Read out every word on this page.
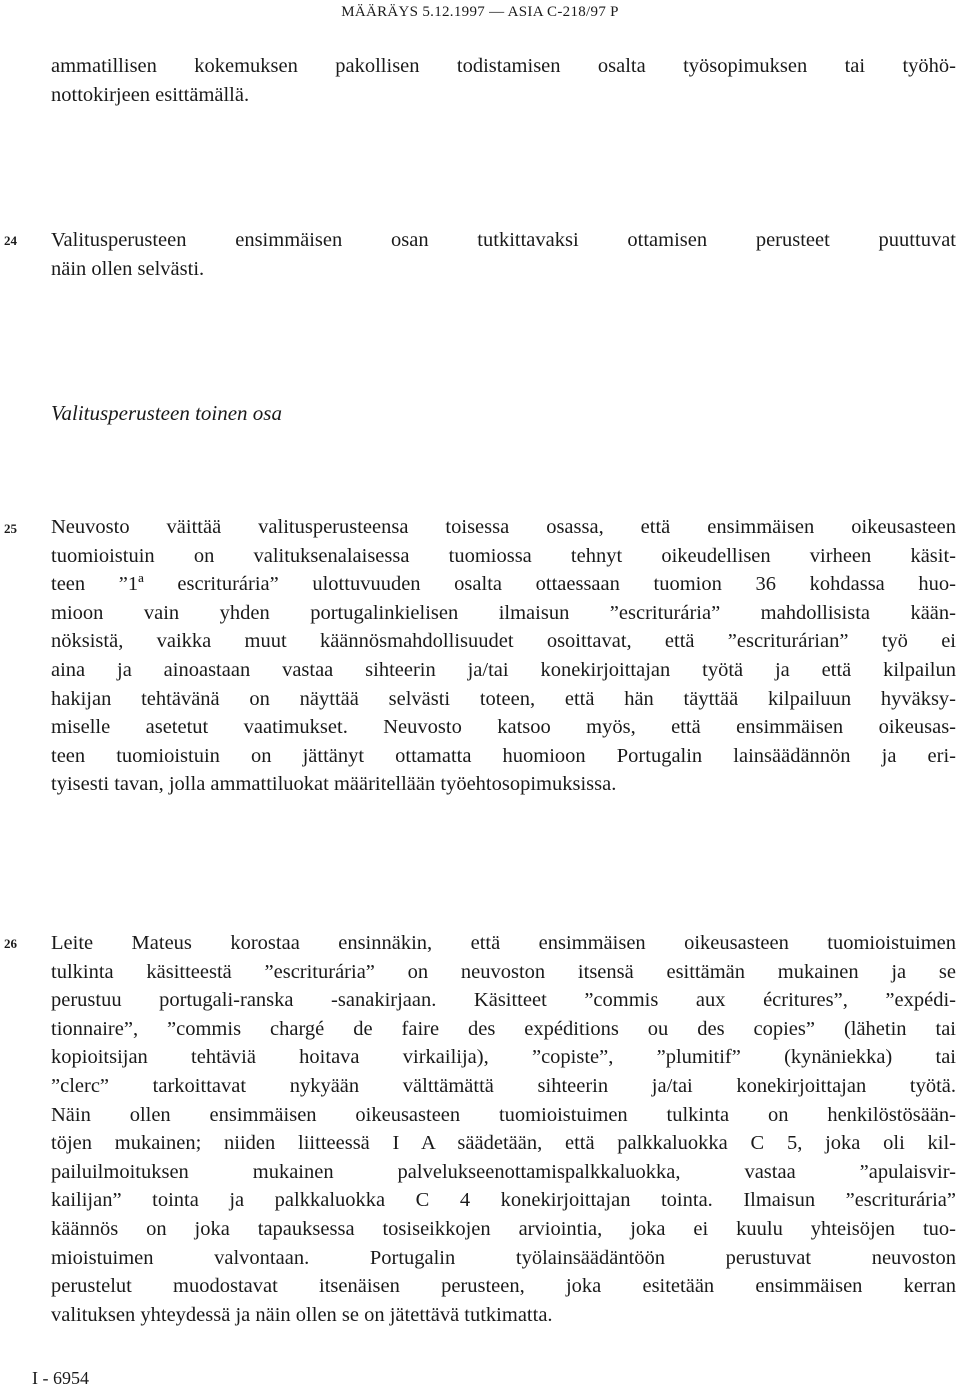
MÄÄRÄYS 5.12.1997 — ASIA C-218/97 P
ammatillisen kokemuksen pakollisen todistamisen osalta työsopimuksen tai työhö-
nottokirjeen esittämällä.
24 Valitusperusteen ensimmäisen osan tutkittavaksi ottamisen perusteet puuttuvat
näin ollen selvästi.
Valitusperusteen toinen osa
25 Neuvosto väittää valitusperusteensa toisessa osassa, että ensimmäisen oikeusasteen
tuomioistuin on valituksenalaisessa tuomiossa tehnyt oikeudellisen virheen käsit-
teen ”1ª escriturária” ulottuvuuden osalta ottaessaan tuomion 36 kohdassa huo-
mioon vain yhden portugalinkielisen ilmaisun ”escriturária” mahdollisista kään-
nöksistä, vaikka muut käännösmahdollisuudet osoittavat, että ”escriturárian” työ ei
aina ja ainoastaan vastaa sihteerin ja/tai konekirjoittajan työtä ja että kilpailun
hakijan tehtävänä on näyttää selvästi toteen, että hän täyttää kilpailuun hyväksy-
miselle asetetut vaatimukset. Neuvosto katsoo myös, että ensimmäisen oikeusas-
teen tuomioistuin on jättänyt ottamatta huomioon Portugalin lainsäädännön ja eri-
tyisesti tavan, jolla ammattiluokat määritellään työehtosopimuksissa.
26 Leite Mateus korostaa ensinnäkin, että ensimmäisen oikeusasteen tuomioistuimen
tulkinta käsitteestä ”escriturária” on neuvoston itsensä esittämän mukainen ja se
perustuu portugali-ranska -sanakirjaan. Käsitteet ”commis aux écritures”, ”expédi-
tionnaire”, ”commis chargé de faire des expéditions ou des copies” (lähetin tai
kopioitsijan tehtäviä hoitava virkailija), ”copiste”, ”plumitif” (kynäniekka) tai
”clerc” tarkoittavat nykyään välttämättä sihteerin ja/tai konekirjoittajan työtä.
Näin ollen ensimmäisen oikeusasteen tuomioistuimen tulkinta on henkilöstösään-
töjen mukainen; niiden liitteessä I A säädetään, että palkkaluokka C 5, joka oli kil-
pailuilmoituksen mukainen palvelukseenottamispalkkaluokka, vastaa ”apulaisvir-
kailijan” tointa ja palkkaluokka C 4 konekirjoittajan tointa. Ilmaisun ”escriturária”
käännös on joka tapauksessa tosiseikkojen arviointia, joka ei kuulu yhteisöjen tuo-
mioistuimen valvontaan. Portugalin työlainsäädäntöön perustuvat neuvoston
perustelut muodostavat itsenäisen perusteen, joka esitetään ensimmäisen kerran
valituksen yhteydessä ja näin ollen se on jätettävä tutkimatta.
I - 6954
